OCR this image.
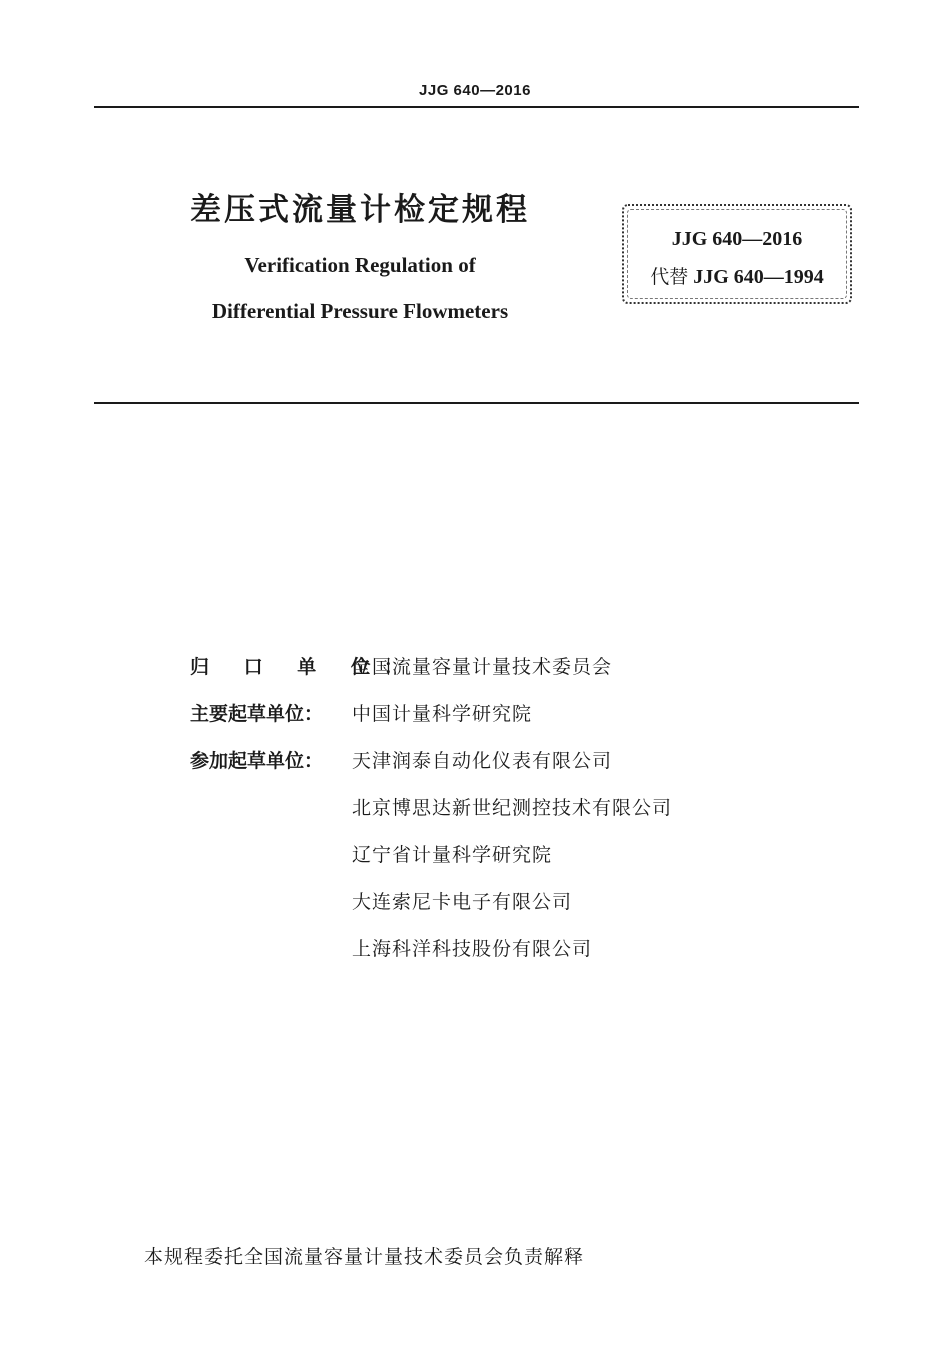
JJG 640—2016
差压式流量计检定规程
Verification Regulation of
Differential Pressure Flowmeters
JJG 640—2016
代替 JJG 640—1994
归 口 单 位：
全国流量容量计量技术委员会
主要起草单位：	中国计量科学研究院
参加起草单位：	天津润泰自动化仪表有限公司
北京博思达新世纪测控技术有限公司
辽宁省计量科学研究院
大连索尼卡电子有限公司
上海科洋科技股份有限公司
本规程委托全国流量容量计量技术委员会负责解释
